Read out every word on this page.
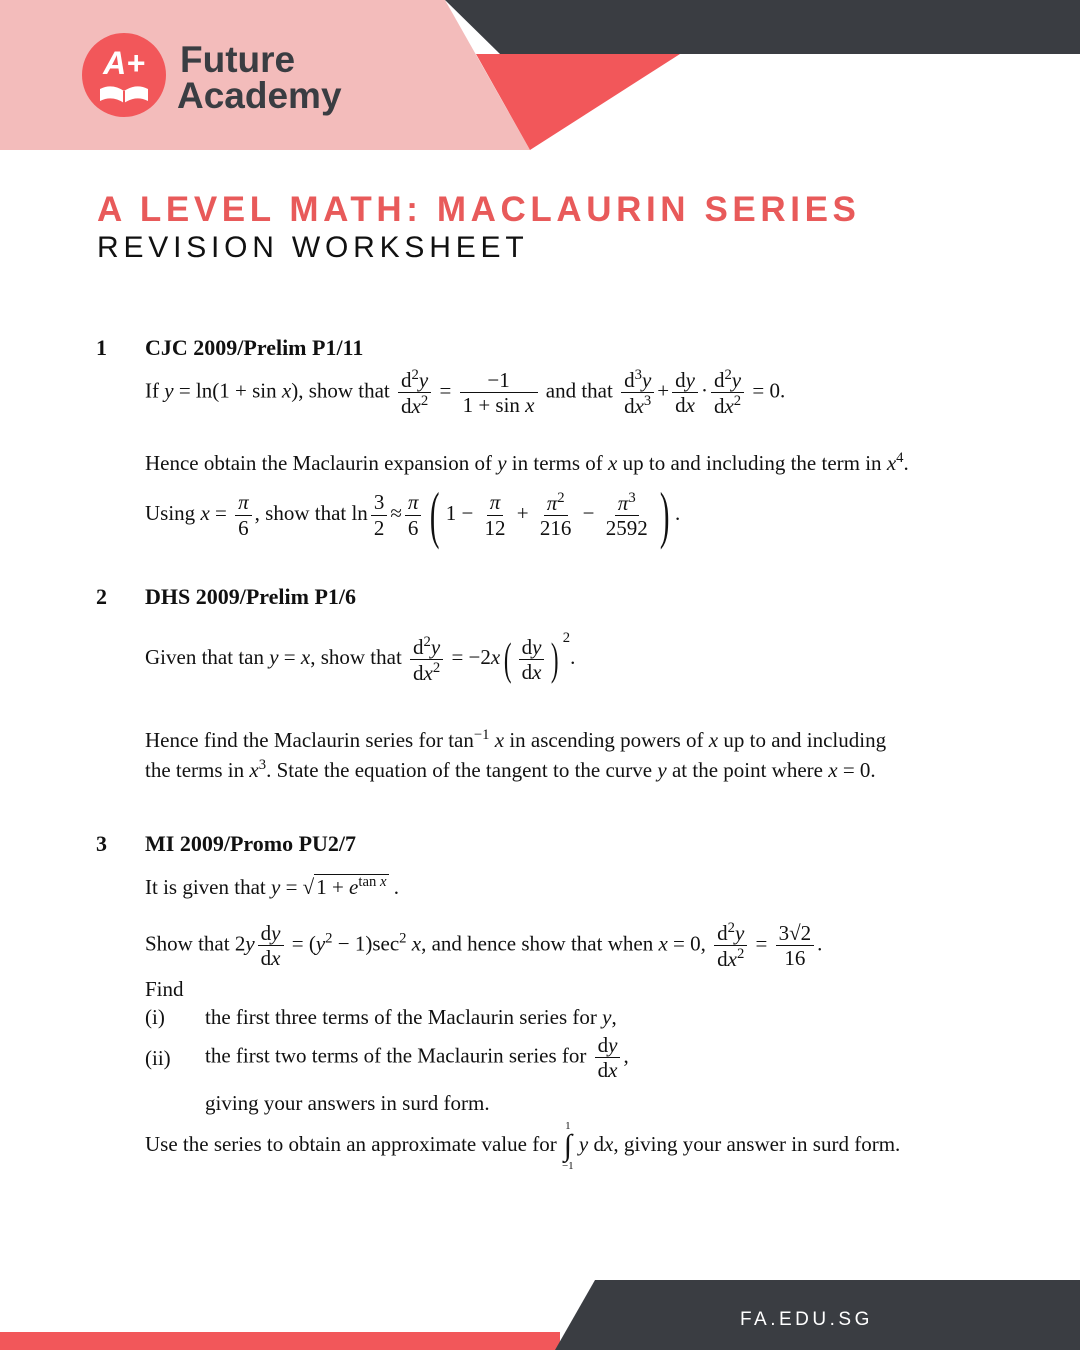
A+ Future
Academy
A LEVEL MATH: MACLAURIN SERIES
REVISION WORKSHEET
1 CJC 2009/Prelim P1/11
If y = ln(1 + sin x), show that $\frac{d^2y}{dx^2} = \frac{-1}{\text{1 + sin x}}$ and that $\frac{d^3y}{dx^3} + \frac{dy}{dx} \cdot \frac{d^2y}{dx^2} = 0$.
Hence obtain the Maclaurin expansion of y in terms of x up to and including the term in $x^4$.
Using $x = \frac{\pi}{6}$ , show that $\ln \frac{3}{2} \approx \frac{\pi}{6}$ ( $1 - \frac{\pi}{12} + \frac{\pi^2}{216} - \frac{\pi^3}{2592}$ ) .
2 DHS 2009/Prelim P1/6
Given that tan y = x, show that $\frac{d^2y}{dx^2} = -2x( \frac{dy}{dx}$ ) $^2$.
Hence find the Maclaurin series for $\tan^{-1} x$ in ascending powers of x up to and including
the terms in $x^3$. State the equation of the tangent to the curve y at the point where x = 0.
3 MI 2009/Promo PU2/7
It is given that $y = √1 + e^{tan x}$ .
Show that $2y \frac{dy}{dx} = (y^2 - 1)\sec^2$ x, and hence show that when x = 0, $\frac{d^2y}{dx^2} = \frac{3√2}{16}$ .
Find
(i) the first three terms of the Maclaurin series for y,
(ii) the first two terms of the Maclaurin series for $\frac{dy}{dx}$ ,
giving your answers in surd form.
Use the series to obtain an approximate value for
1
∫
−1
y dx, giving your answer in surd form.
FA.EDU.SG
